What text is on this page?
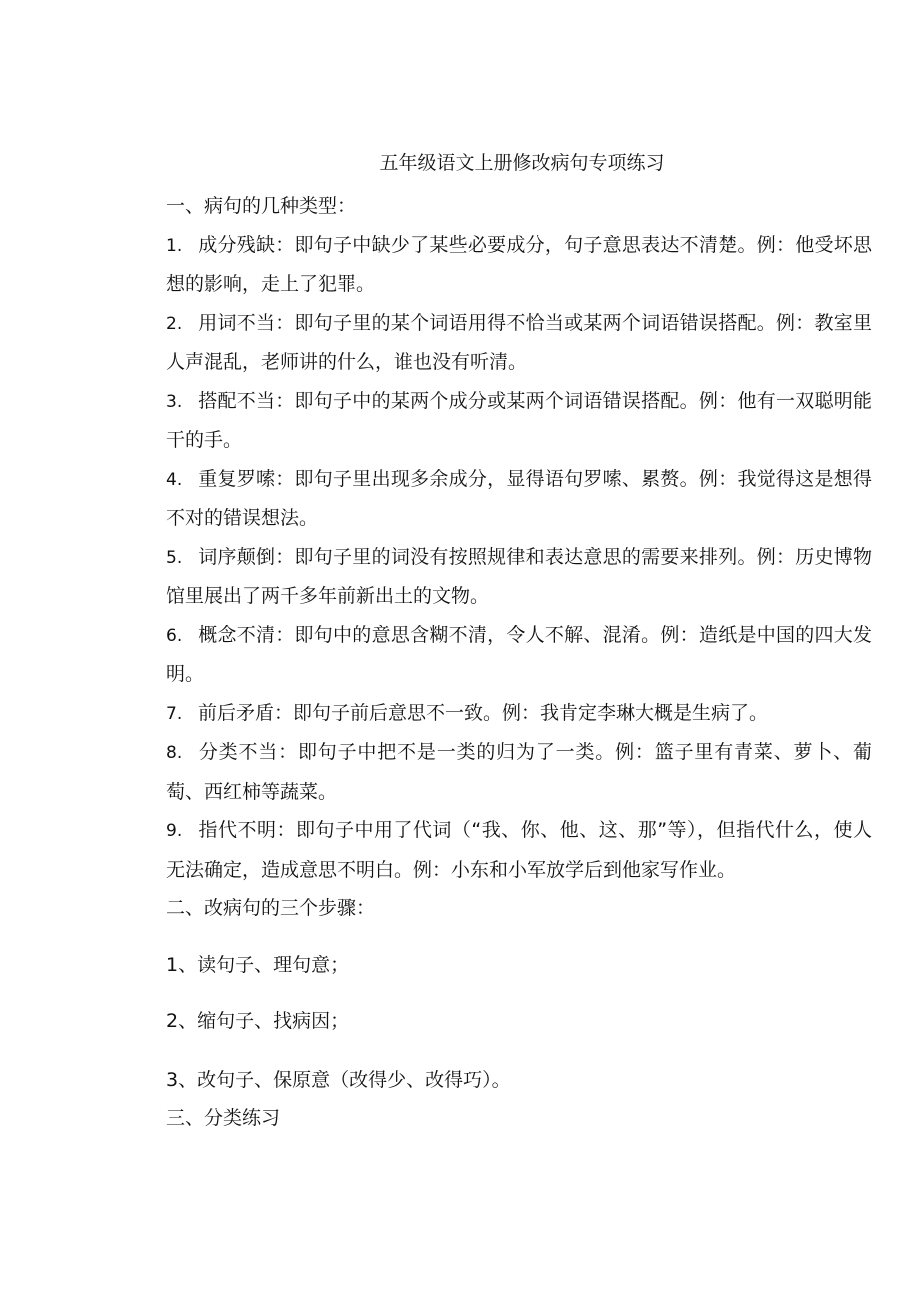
五年级语文上册修改病句专项练习

一、病句的几种类型：

1. 成分残缺：即句子中缺少了某些必要成分，句子意思表达不清楚。例：他受坏思想的影响，走上了犯罪。

2. 用词不当：即句子里的某个词语用得不恰当或某两个词语错误搭配。例：教室里人声混乱，老师讲的什么，谁也没有听清。

3. 搭配不当：即句子中的某两个成分或某两个词语错误搭配。例：他有一双聪明能干的手。

4. 重复罗嗦：即句子里出现多余成分，显得语句罗嗦、累赘。例：我觉得这是想得不对的错误想法。

5. 词序颠倒：即句子里的词没有按照规律和表达意思的需要来排列。例：历史博物馆里展出了两千多年前新出土的文物。

6. 概念不清：即句中的意思含糊不清，令人不解、混淆。例：造纸是中国的四大发明。

7. 前后矛盾：即句子前后意思不一致。例：我肯定李琳大概是生病了。

8. 分类不当：即句子中把不是一类的归为了一类。例：篮子里有青菜、萝卜、葡萄、西红柿等蔬菜。

9. 指代不明：即句子中用了代词（“我、你、他、这、那”等），但指代什么，使人无法确定，造成意思不明白。例：小东和小军放学后到他家写作业。

二、改病句的三个步骤：

1、读句子、理句意；

2、缩句子、找病因；

3、改句子、保原意（改得少、改得巧）。

三、分类练习
